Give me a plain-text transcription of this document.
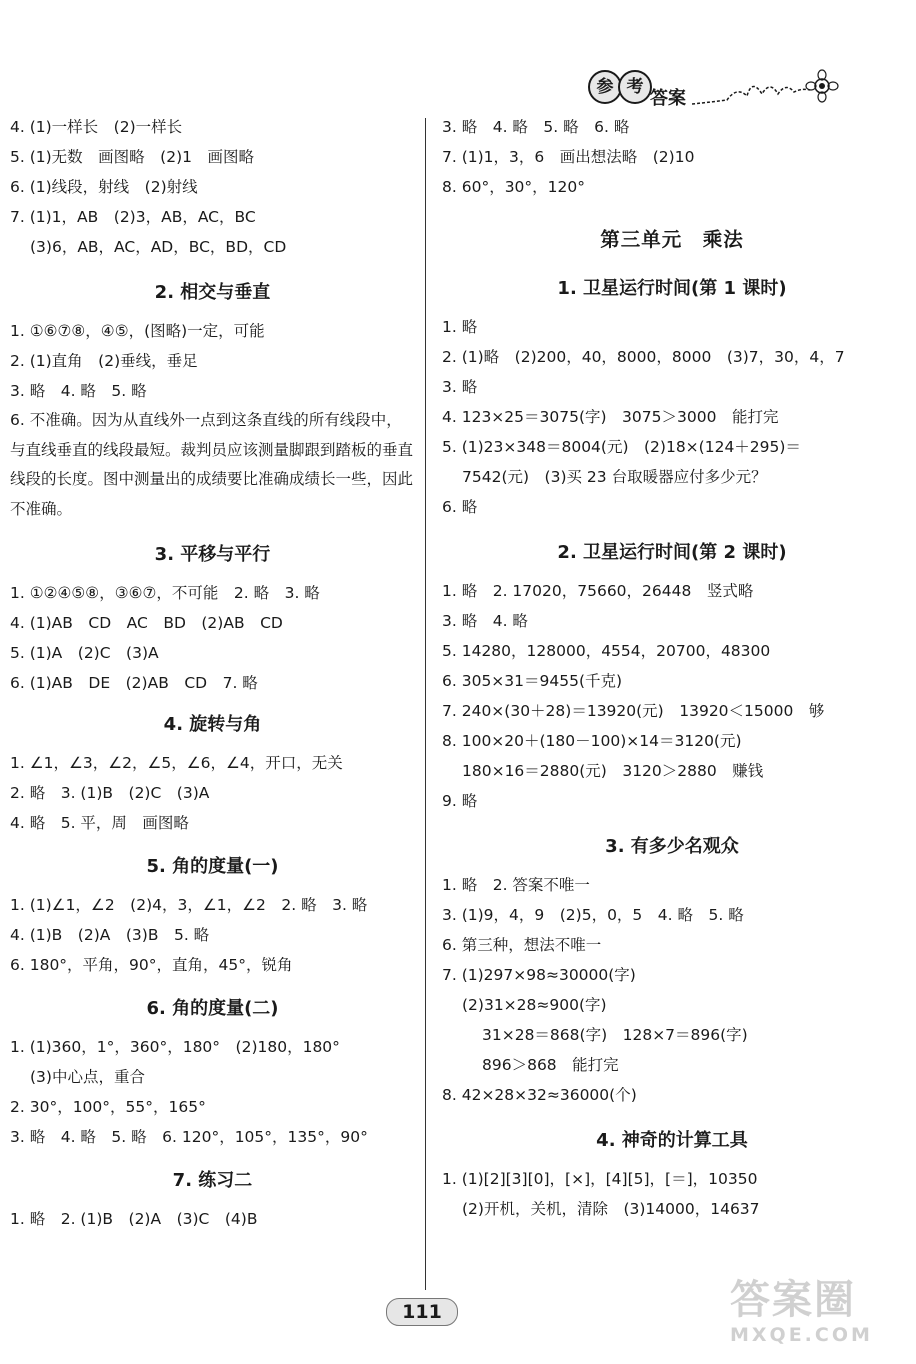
参 考
答案
4. (1)一样长　(2)一样长
5. (1)无数　画图略　(2)1　画图略
6. (1)线段，射线　(2)射线
7. (1)1，AB　(2)3，AB，AC，BC
(3)6，AB，AC，AD，BC，BD，CD
2. 相交与垂直
1. ①⑥⑦⑧，④⑤，(图略)一定，可能
2. (1)直角　(2)垂线，垂足
3. 略　4. 略　5. 略
6. 不准确。因为从直线外一点到这条直线的所有线段中，与直线垂直的线段最短。裁判员应该测量脚跟到踏板的垂直线段的长度。图中测量出的成绩要比准确成绩长一些，因此不准确。
3. 平移与平行
1. ①②④⑤⑧，③⑥⑦，不可能　2. 略　3. 略
4. (1)AB　CD　AC　BD　(2)AB　CD
5. (1)A　(2)C　(3)A
6. (1)AB　DE　(2)AB　CD　7. 略
4. 旋转与角
1. ∠1，∠3，∠2，∠5，∠6，∠4，开口，无关
2. 略　3. (1)B　(2)C　(3)A
4. 略　5. 平，周　画图略
5. 角的度量(一)
1. (1)∠1，∠2　(2)4，3，∠1，∠2　2. 略　3. 略
4. (1)B　(2)A　(3)B　5. 略
6. 180°，平角，90°，直角，45°，锐角
6. 角的度量(二)
1. (1)360，1°，360°，180°　(2)180，180°
(3)中心点，重合
2. 30°，100°，55°，165°
3. 略　4. 略　5. 略　6. 120°，105°，135°，90°
7. 练习二
1. 略　2. (1)B　(2)A　(3)C　(4)B
3. 略　4. 略　5. 略　6. 略
7. (1)1，3，6　画出想法略　(2)10
8. 60°，30°，120°
第三单元　乘法
1. 卫星运行时间(第 1 课时)
1. 略
2. (1)略　(2)200，40，8000，8000　(3)7，30，4，7
3. 略
4. 123×25＝3075(字)　3075＞3000　能打完
5. (1)23×348＝8004(元)　(2)18×(124＋295)＝
7542(元)　(3)买 23 台取暖器应付多少元？
6. 略
2. 卫星运行时间(第 2 课时)
1. 略　2. 17020，75660，26448　竖式略
3. 略　4. 略
5. 14280，128000，4554，20700，48300
6. 305×31＝9455(千克)
7. 240×(30＋28)＝13920(元)　13920＜15000　够
8. 100×20＋(180－100)×14＝3120(元)
180×16＝2880(元)　3120＞2880　赚钱
9. 略
3. 有多少名观众
1. 略　2. 答案不唯一
3. (1)9，4，9　(2)5，0，5　4. 略　5. 略
6. 第三种，想法不唯一
7. (1)297×98≈30000(字)
(2)31×28≈900(字)
31×28＝868(字)　128×7＝896(字)
896＞868　能打完
8. 42×28×32≈36000(个)
4. 神奇的计算工具
1. (1)[2][3][0]，[×]，[4][5]，[＝]，10350
(2)开机，关机，清除　(3)14000，14637
111	答案圈
MXQE.COM
